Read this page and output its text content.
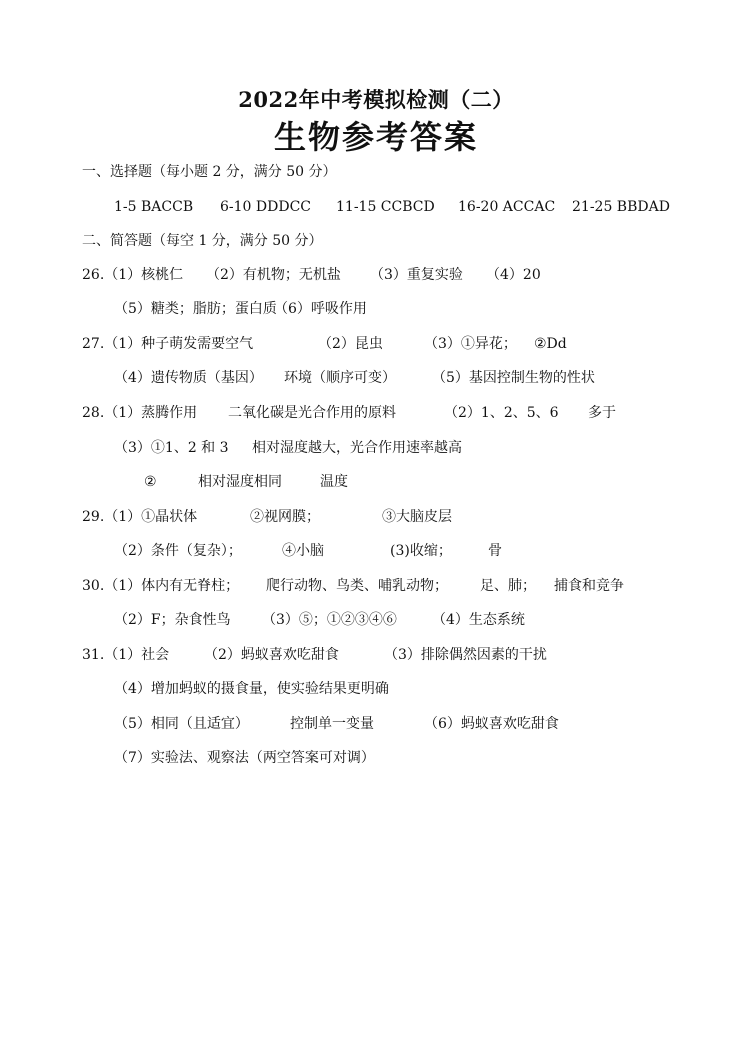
2022年中考模拟检测（二）
生物参考答案
一、选择题（每小题 2 分，满分 50 分）
1-5 BACCB 6-10 DDDCC 11-15 CCBCD 16-20 ACCAC 21-25 BBDAD
二、简答题（每空 1 分，满分 50 分）
26.（1）核桃仁 （2）有机物；无机盐 （3）重复实验 （4）20
（5）糖类；脂肪；蛋白质
（6）呼吸作用
27.（1）种子萌发需要空气	（2）昆虫	（3）①异花； ②Dd
（4）遗传物质（基因） 环境（顺序可变）	（5）基因控制生物的性状
28.（1）蒸腾作用 二氧化碳是光合作用的原料	（2）1、2、5、6 多于
（3）①1、2 和 3 相对湿度越大，光合作用速率越高
②	相对湿度相同	温度
29.（1）①晶状体	②视网膜；	③大脑皮层
（2）条件（复杂）；	④小脑	(3)收缩；	骨
30.（1）体内有无脊柱； 爬行动物、鸟类、哺乳动物； 足、肺； 捕食和竞争
（2）F；杂食性鸟 （3）⑤；①②③④⑥	（4）生态系统
31.（1）社会 （2）蚂蚁喜欢吃甜食	（3）排除偶然因素的干扰
（4）增加蚂蚁的摄食量，使实验结果更明确
（5）相同（且适宜）	控制单一变量	（6）蚂蚁喜欢吃甜食
（7）实验法、观察法（两空答案可对调）
